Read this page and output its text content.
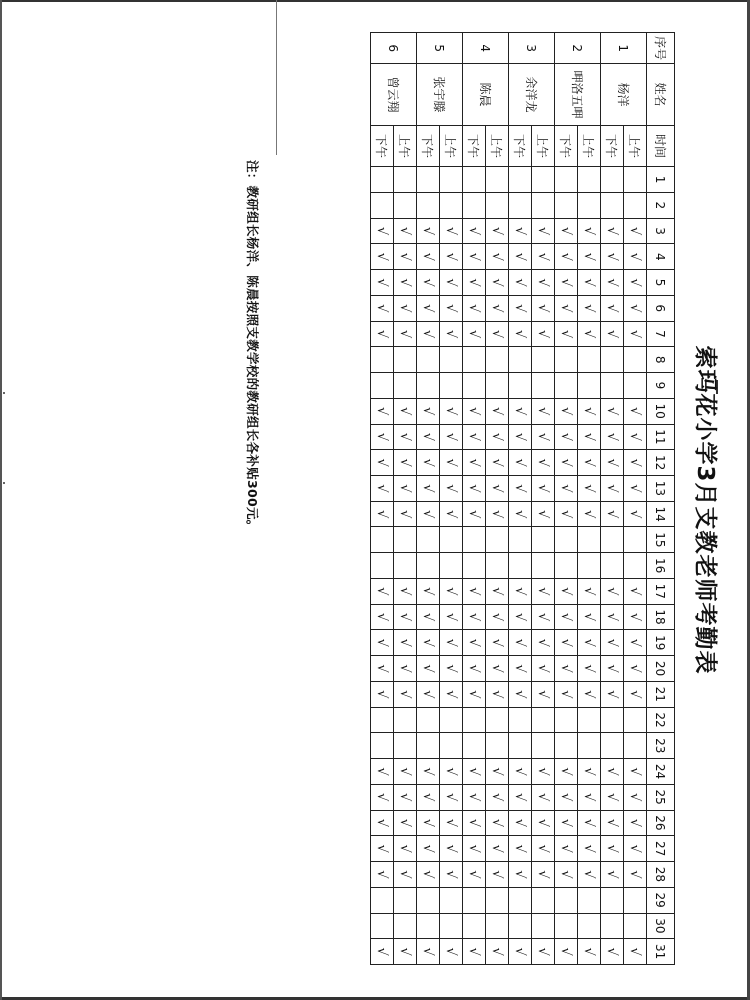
索玛花小学3月支教老师考勤表
序号	姓名	时间	1	2	3	4	5	6	7	8	9	10	11	12	13	14	15	16	17	18	19	20	21	22	23	24	25	26	27	28	29	30	31
1	杨洋	上午			√	√	√	√	√			√	√	√	√	√			√	√	√	√	√			√	√	√	√	√			√
		下午			√	√	√	√	√			√	√	√	√	√			√	√	√	√	√			√	√	√	√	√			√
2	呷洛五呷	上午			√	√	√	√	√			√	√	√	√	√			√	√	√	√	√			√	√	√	√	√			√
		下午			√	√	√	√	√			√	√	√	√	√			√	√	√	√	√			√	√	√	√	√			√
3	余洋龙	上午			√	√	√	√	√			√	√	√	√	√			√	√	√	√	√			√	√	√	√	√			√
		下午			√	√	√	√	√			√	√	√	√	√			√	√	√	√	√			√	√	√	√	√			√
4	陈晨	上午			√	√	√	√	√			√	√	√	√	√			√	√	√	√	√			√	√	√	√	√			√
		下午			√	√	√	√	√			√	√	√	√	√			√	√	√	√	√			√	√	√	√	√			√
5	张宇滕	上午			√	√	√	√	√			√	√	√	√	√			√	√	√	√	√			√	√	√	√	√			√
		下午			√	√	√	√	√			√	√	√	√	√			√	√	√	√	√			√	√	√	√	√			√
6	曾云翔	上午			√	√	√	√	√			√	√	√	√	√			√	√	√	√	√			√	√	√	√	√			√
		下午			√	√	√	√	√			√	√	√	√	√			√	√	√	√	√			√	√	√	√	√			√
注：教研组长杨洋、陈晨按照支教学校的教研组长各补贴300元。
